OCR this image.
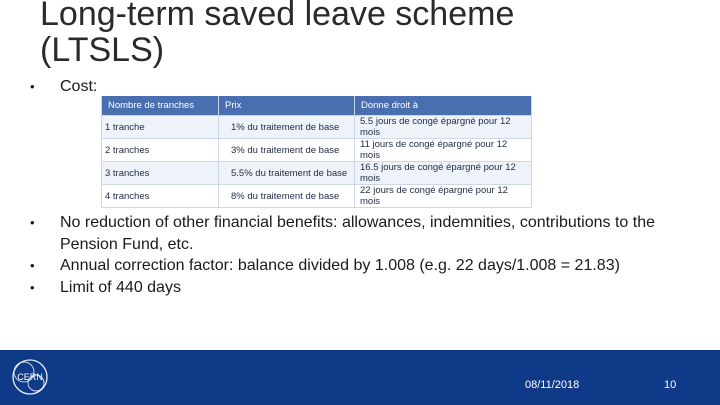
Long-term saved leave scheme (LTSLS)
• Cost:
Nombre de tranches	Prix	Donne droit à
1 tranche	1% du traitement de base	5.5 jours de congé épargné pour 12 mois
2 tranches	3% du traitement de base	11 jours de congé épargné pour 12 mois
3 tranches	5.5% du traitement de base	16.5 jours de congé épargné pour 12 mois
4 tranches	8% du traitement de base	22 jours de congé épargné pour 12 mois
• No reduction of other financial benefits: allowances, indemnities, contributions to the Pension Fund, etc.
• Annual correction factor: balance divided by 1.008 (e.g. 22 days/1.008 = 21.83)
• Limit of 440 days
CERN
08/11/2018	10
